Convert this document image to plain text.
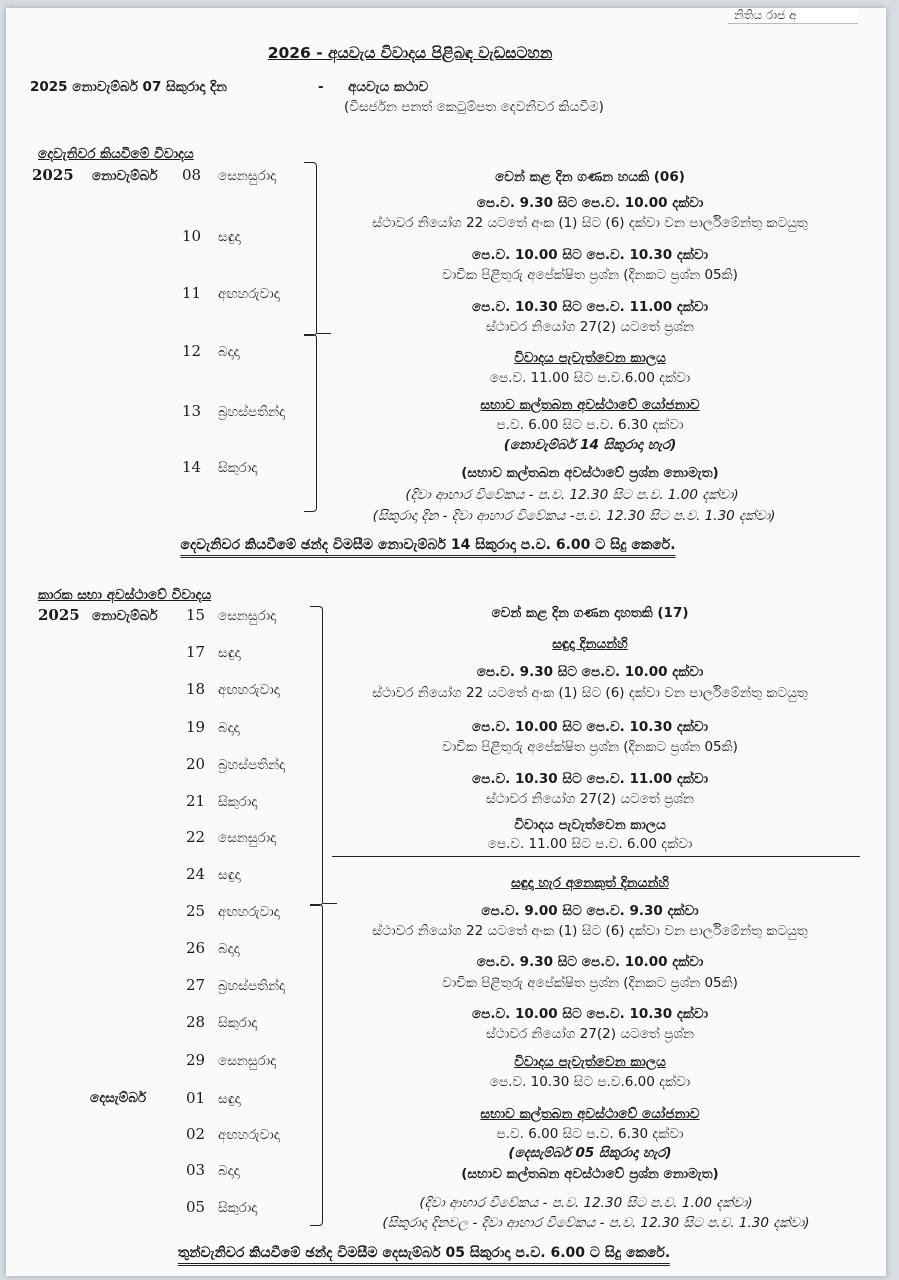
නිතිය රාජ අ
2026 - අයවැය විවාදය පිළිබඳ වැඩසටහන
2025 නොවැම්බර් 07 සිකුරාදා දින	- අයවැය කථාව
(විසර්ජන පනත් කෙටුම්පත දෙවනිවර කියවීම)
දෙවැනිවර කියවීමේ විවාදය
2025 නොවැම්බර් 08 සෙනසුරාදා
10 සඳුදා
11 අඟහරුවාදා
12 බදාදා
13 බ්‍රහස්පතින්දා
14 සිකුරාදා
වෙන් කළ දින ගණන හයකි (06)
පෙ.ව. 9.30 සිට පෙ.ව. 10.00 දක්වා
ස්ථාවර නියෝග 22 යටතේ අංක (1) සිට (6) දක්වා වන පාර්ලිමේන්තු කටයුතු
පෙ.ව. 10.00 සිට පෙ.ව. 10.30 දක්වා
වාචික පිළිතුරු අපේක්ෂිත ප්‍රශ්න (දිනකට ප්‍රශ්න 05කි)
පෙ.ව. 10.30 සිට පෙ.ව. 11.00 දක්වා
ස්ථාවර නියෝග 27(2) යටතේ ප්‍රශ්න
විවාදය පැවැත්වෙන කාලය
පෙ.ව. 11.00 සිට ප.ව.6.00 දක්වා
සභාව කල්තබන අවස්ථාවේ යෝජනාව
ප.ව. 6.00 සිට ප.ව. 6.30 දක්වා
(නොවැම්බර් 14 සිකුරාදා හැර)
(සභාව කල්තබන අවස්ථාවේ ප්‍රශ්න නොමැත)
(දිවා ආහාර විවේකය - ප.ව. 12.30 සිට ප.ව. 1.00 දක්වා)
(සිකුරාදා දින - දිවා ආහාර විවේකය -ප.ව. 12.30 සිට ප.ව. 1.30 දක්වා)
දෙවැනිවර කියවීමේ ඡන්ද විමසීම නොවැම්බර් 14 සිකුරාදා ප.ව. 6.00 ට සිදු කෙරේ.
කාරක සභා අවස්ථාවේ විවාදය
2025 නොවැම්බර්
දෙසැම්බර්
15 සෙනසුරාදා
17 සඳුදා
18 අඟහරුවාදා
19 බදාදා
20 බ්‍රහස්පතින්දා
21 සිකුරාදා
22 සෙනසුරාදා
24 සඳුදා
25 අඟහරුවාදා
26 බදාදා
27 බ්‍රහස්පතින්දා
28 සිකුරාදා
29 සෙනසුරාදා
01 සඳුදා
02 අඟහරුවාදා
03 බදාදා
05 සිකුරාදා
වෙන් කළ දින ගණන දාහතකි (17)
සඳුදා දිනයන්හි
පෙ.ව. 9.30 සිට පෙ.ව. 10.00 දක්වා
ස්ථාවර නියෝග 22 යටතේ අංක (1) සිට (6) දක්වා වන පාර්ලිමේන්තු කටයුතු
පෙ.ව. 10.00 සිට පෙ.ව. 10.30 දක්වා
වාචික පිළිතුරු අපේක්ෂිත ප්‍රශ්න (දිනකට ප්‍රශ්න 05කි)
පෙ.ව. 10.30 සිට පෙ.ව. 11.00 දක්වා
ස්ථාවර නියෝග 27(2) යටතේ ප්‍රශ්න
විවාදය පැවැත්වෙන කාලය
පෙ.ව. 11.00 සිට ප.ව. 6.00 දක්වා
සඳුදා හැර අනෙකුත් දිනයන්හි
පෙ.ව. 9.00 සිට පෙ.ව. 9.30 දක්වා
ස්ථාවර නියෝග 22 යටතේ අංක (1) සිට (6) දක්වා වන පාර්ලිමේන්තු කටයුතු
පෙ.ව. 9.30 සිට පෙ.ව. 10.00 දක්වා
වාචික පිළිතුරු අපේක්ෂිත ප්‍රශ්න (දිනකට ප්‍රශ්න 05කි)
පෙ.ව. 10.00 සිට පෙ.ව. 10.30 දක්වා
ස්ථාවර නියෝග 27(2) යටතේ ප්‍රශ්න
විවාදය පැවැත්වෙන කාලය
පෙ.ව. 10.30 සිට ප.ව.6.00 දක්වා
සභාව කල්තබන අවස්ථාවේ යෝජනාව
ප.ව. 6.00 සිට ප.ව. 6.30 දක්වා
(දෙසැම්බර් 05 සිකුරාදා හැර)
(සභාව කල්තබන අවස්ථාවේ ප්‍රශ්න නොමැත)
(දිවා ආහාර විවේකය - ප.ව. 12.30 සිට ප.ව. 1.00 දක්වා)
(සිකුරාදා දිනවල - දිවා ආහාර විවේකය - ප.ව. 12.30 සිට ප.ව. 1.30 දක්වා)
තුන්වැනිවර කියවීමේ ඡන්ද විමසීම දෙසැම්බර් 05 සිකුරාදා ප.ව. 6.00 ට සිදු කෙරේ.
